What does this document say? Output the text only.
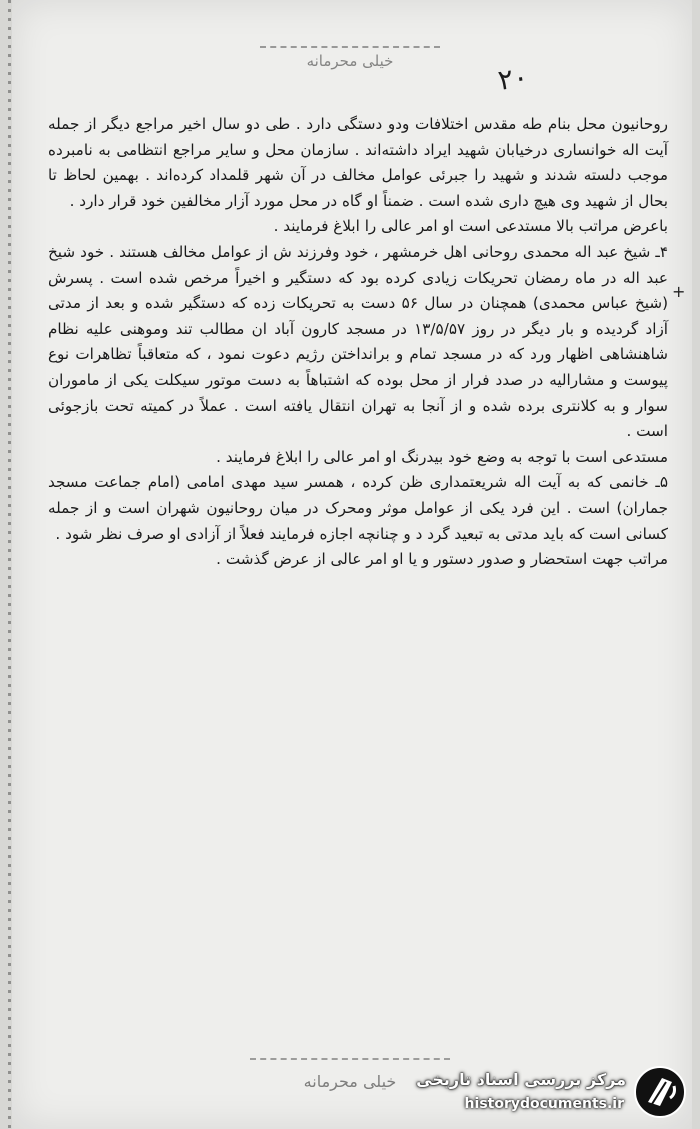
خیلی محرمانه	۲۰
+

روحانیون محل بنام طه مقدس اختلافات ودو دستگی دارد . طی دو سال اخیر مراجع دیگر از جمله آیت اله خوانساری درخیابان شهید ایراد داشته‌اند . سازمان محل و سایر مراجع انتظامی به نامبرده موجب دلسته شدند و شهید را جبرئی عوامل مخالف در آن شهر قلمداد کرده‌اند . بهمین لحاظ تا بحال از شهید وی هیچ داری شده است . ضمناً او گاه در محل مورد آزار مخالفین خود قرار دارد .

باعرض مراتب بالا مستدعی است او امر عالی را ابلاغ فرمایند .

۴ـ شیخ عبد اله محمدی روحانی اهل خرمشهر ، خود وفرزند ش از عوامل مخالف هستند . خود شیخ عبد اله در ماه رمضان تحریکات زیادی کرده بود که دستگیر و اخیراً مرخص شده است . پسرش (شیخ عباس محمدی) همچنان در سال ۵۶ دست به تحریکات زده که دستگیر شده و بعد از مدتی آزاد گردیده و بار دیگر در روز ۱۳/۵/۵۷ در مسجد کارون آباد ان مطالب تند وموهنی علیه نظام شاهنشاهی اظهار ورد که در مسجد تمام و برانداختن رژیم دعوت نمود ، که متعاقباً تظاهرات نوع پیوست و مشارالیه در صدد فرار از محل بوده که اشتباهاً به دست موتور سیکلت یکی از ماموران سوار و به کلانتری برده شده و از آنجا به تهران انتقال یافته است . عملاً در کمیته تحت بازجوئی است .

مستدعی است با توجه به وضع خود بیدرنگ او امر عالی را ابلاغ فرمایند .

۵ـ خانمی که به آیت اله شریعتمداری ظن کرده ، همسر سید مهدی امامی (امام جماعت مسجد جماران) است . این فرد یکی از عوامل موثر ومحرک در میان روحانیون شهران است و از جمله کسانی است که باید مدتی به تبعید گرد د و چنانچه اجازه فرمایند فعلاً از آزادی او صرف نظر شود .

مراتب جهت استحضار و صدور دستور و یا او امر عالی از عرض گذشت .

خیلی محرمانه	مرکز بررسی اسناد تاریخی
historydocuments.ir
